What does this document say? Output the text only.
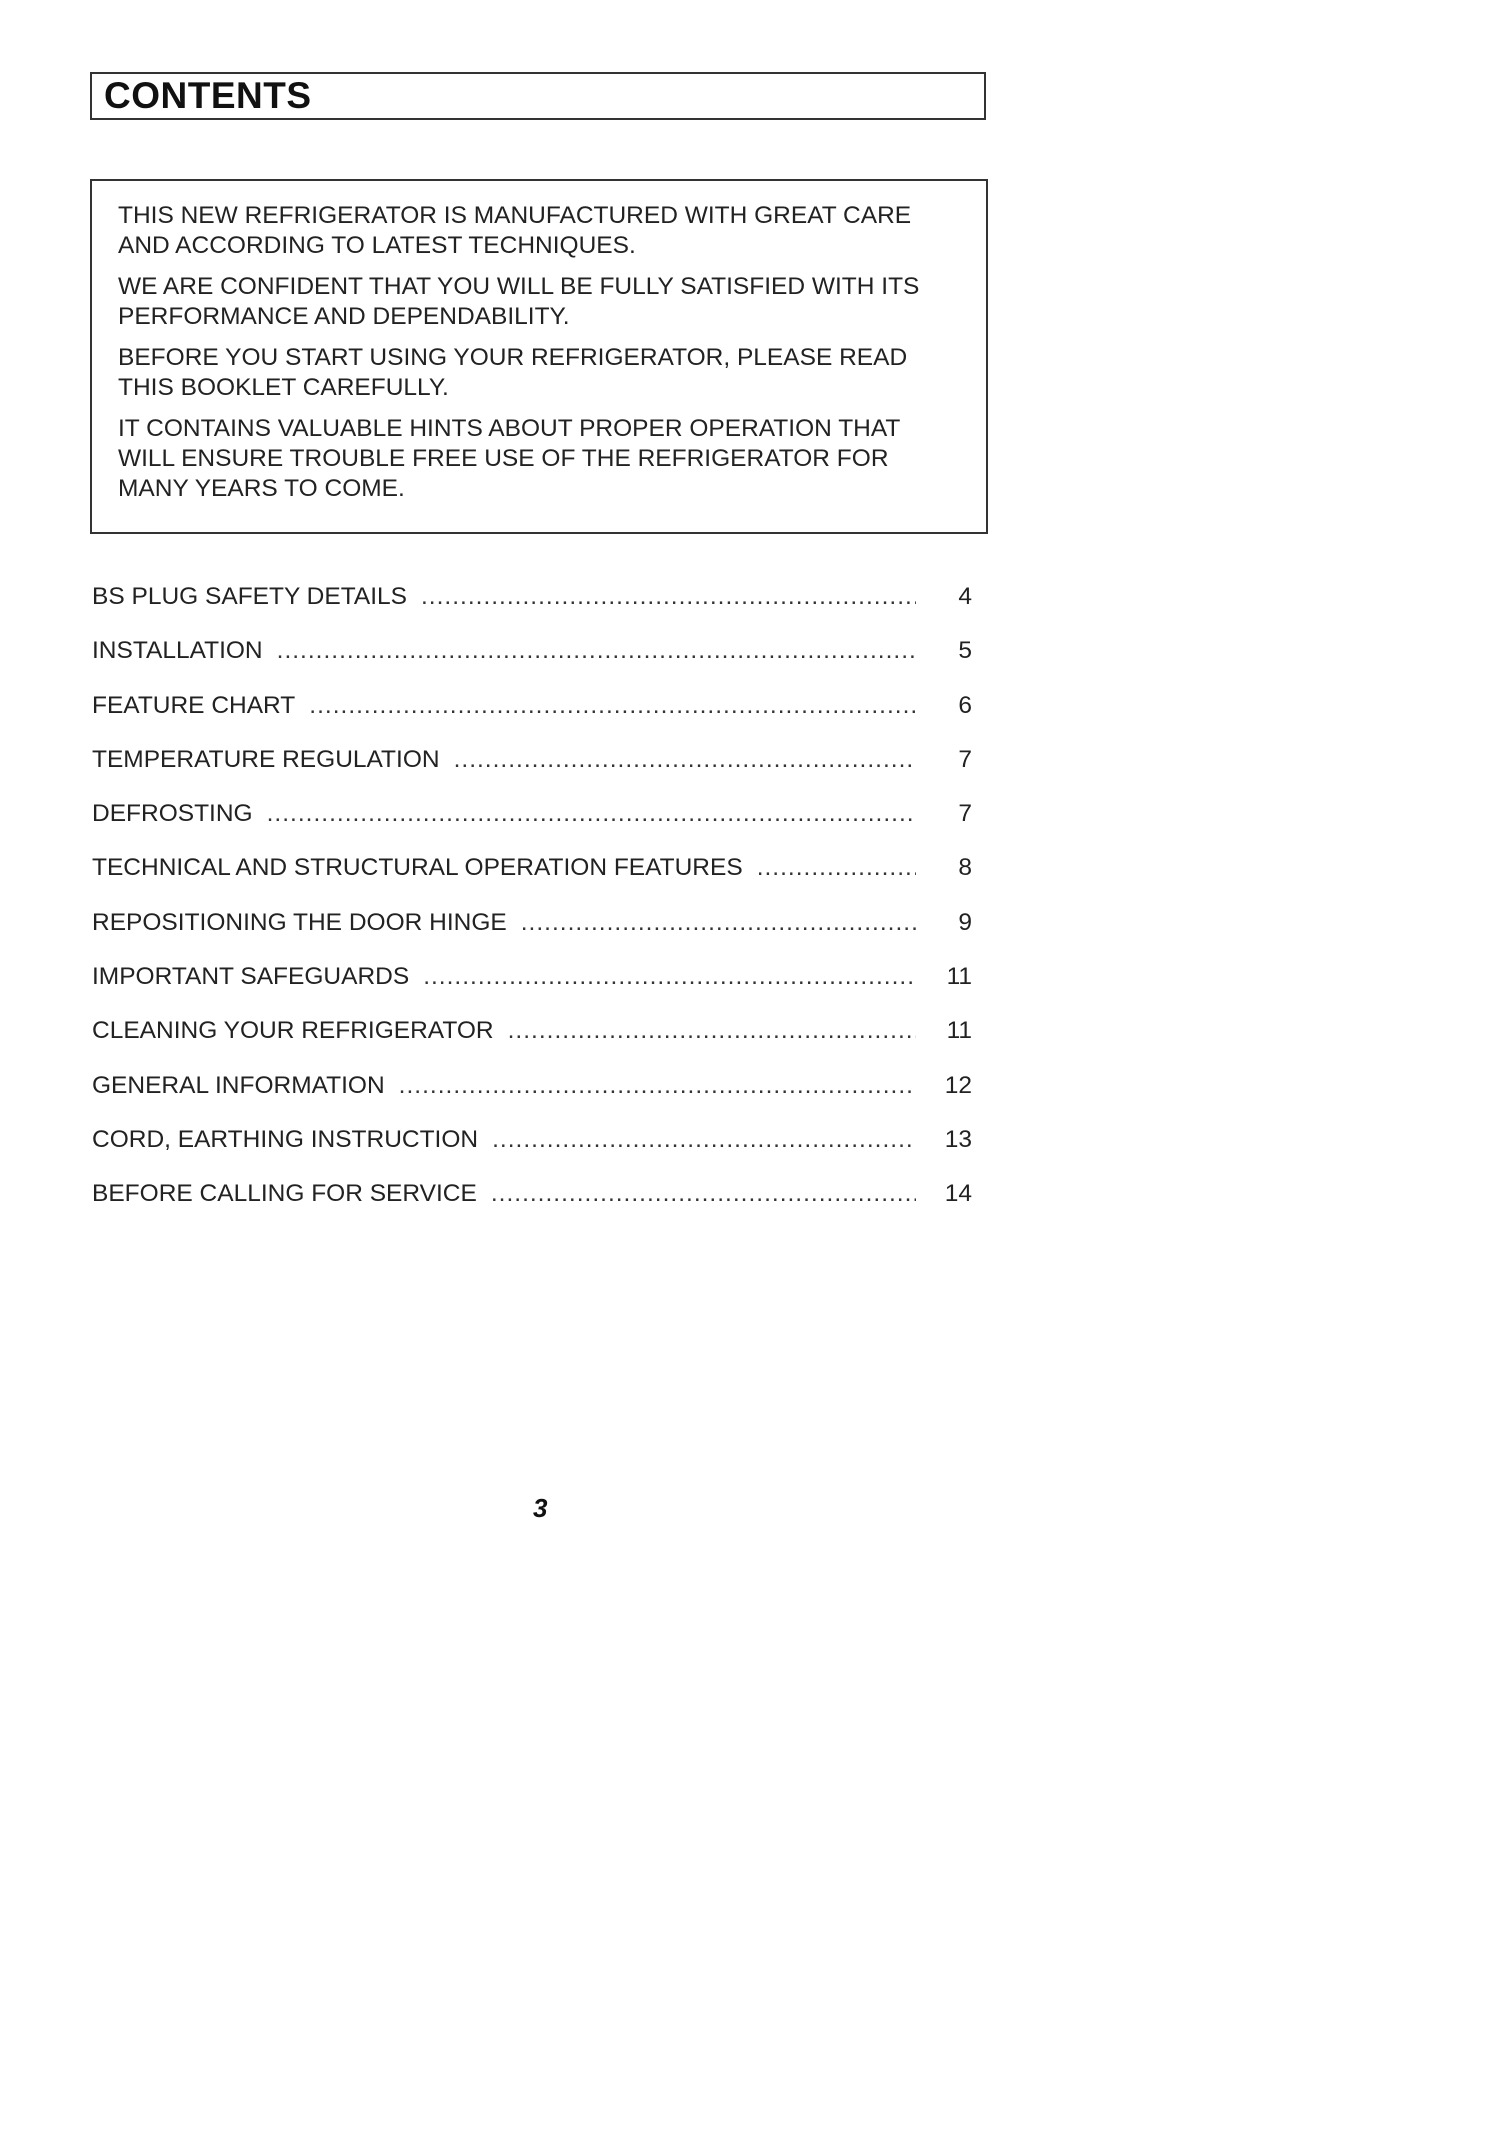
CONTENTS

THIS NEW REFRIGERATOR IS MANUFACTURED WITH GREAT CARE
AND ACCORDING TO LATEST TECHNIQUES.

WE ARE CONFIDENT THAT YOU WILL BE FULLY SATISFIED WITH ITS
PERFORMANCE AND DEPENDABILITY.

BEFORE YOU START USING YOUR REFRIGERATOR, PLEASE READ
THIS BOOKLET CAREFULLY.

IT CONTAINS VALUABLE HINTS ABOUT PROPER OPERATION THAT
WILL ENSURE TROUBLE FREE USE OF THE REFRIGERATOR FOR
MANY YEARS TO COME.

BS PLUG SAFETY DETAILS .....	4
INSTALLATION .....	5
FEATURE CHART .....	6
TEMPERATURE REGULATION .....	7
DEFROSTING .....	7
TECHNICAL AND STRUCTURAL OPERATION FEATURES .....	8
REPOSITIONING THE DOOR HINGE .....	9
IMPORTANT SAFEGUARDS .....	11
CLEANING YOUR REFRIGERATOR .....	11
GENERAL INFORMATION .....	12
CORD, EARTHING INSTRUCTION .....	13
BEFORE CALLING FOR SERVICE .....	14
3
